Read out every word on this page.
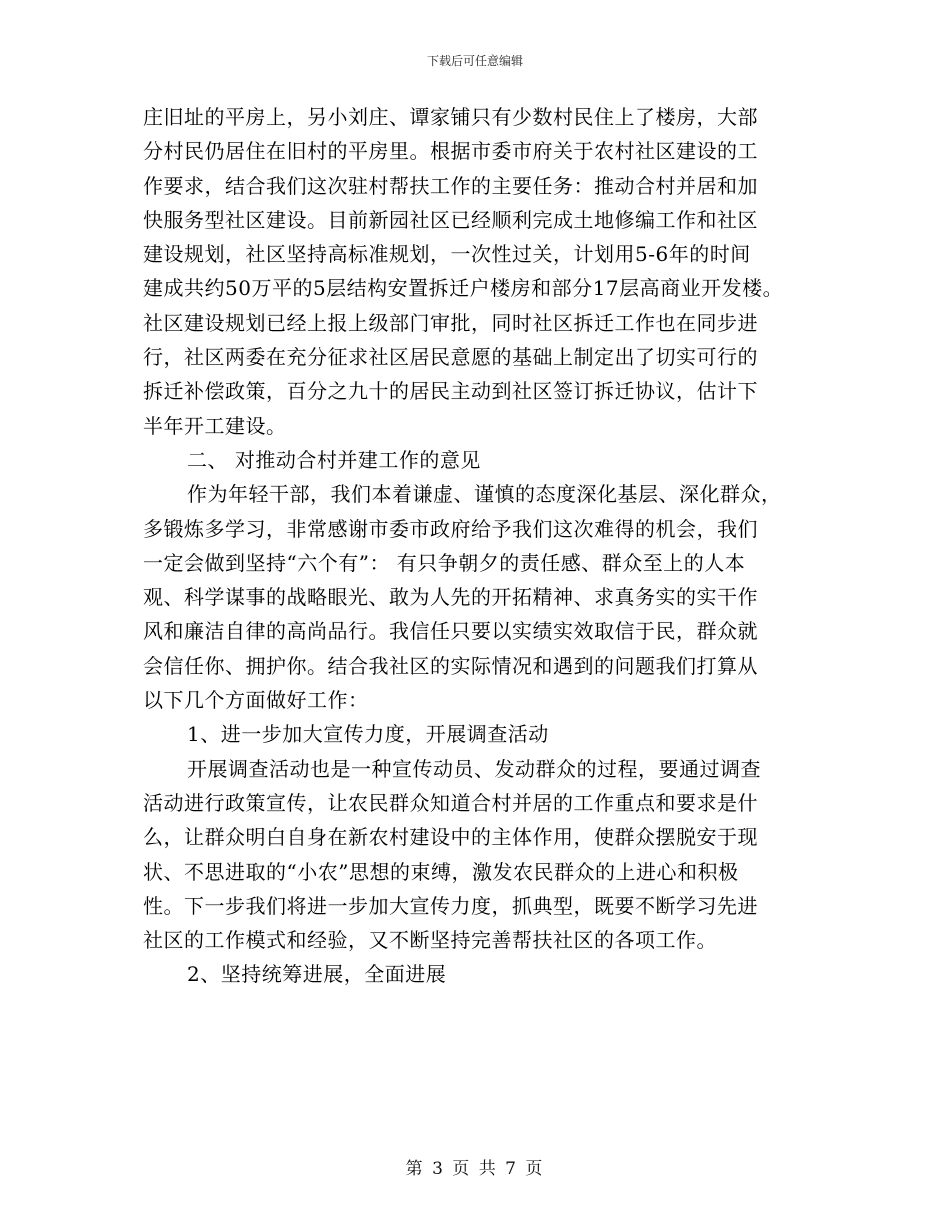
下载后可任意编辑
庄旧址的平房上，另小刘庄、谭家铺只有少数村民住上了楼房，大部
分村民仍居住在旧村的平房里。根据市委市府关于农村社区建设的工
作要求，结合我们这次驻村帮扶工作的主要任务：推动合村并居和加
快服务型社区建设。目前新园社区已经顺利完成土地修编工作和社区
建设规划，社区坚持高标准规划，一次性过关，计划用5-6年的时间
建成共约50万平的5层结构安置拆迁户楼房和部分17层高商业开发楼。
社区建设规划已经上报上级部门审批，同时社区拆迁工作也在同步进
行，社区两委在充分征求社区居民意愿的基础上制定出了切实可行的
拆迁补偿政策，百分之九十的居民主动到社区签订拆迁协议，估计下
半年开工建设。
二、 对推动合村并建工作的意见
作为年轻干部，我们本着谦虚、谨慎的态度深化基层、深化群众，
多锻炼多学习，非常感谢市委市政府给予我们这次难得的机会，我们
一定会做到坚持“六个有”： 有只争朝夕的责任感、群众至上的人本
观、科学谋事的战略眼光、敢为人先的开拓精神、求真务实的实干作
风和廉洁自律的高尚品行。我信任只要以实绩实效取信于民，群众就
会信任你、拥护你。结合我社区的实际情况和遇到的问题我们打算从
以下几个方面做好工作：
1、进一步加大宣传力度，开展调查活动
开展调查活动也是一种宣传动员、发动群众的过程，要通过调查
活动进行政策宣传，让农民群众知道合村并居的工作重点和要求是什
么，让群众明白自身在新农村建设中的主体作用，使群众摆脱安于现
状、不思进取的“小农”思想的束缚，激发农民群众的上进心和积极
性。下一步我们将进一步加大宣传力度，抓典型，既要不断学习先进
社区的工作模式和经验，又不断坚持完善帮扶社区的各项工作。
2、坚持统筹进展，全面进展
第 3 页 共 7 页
